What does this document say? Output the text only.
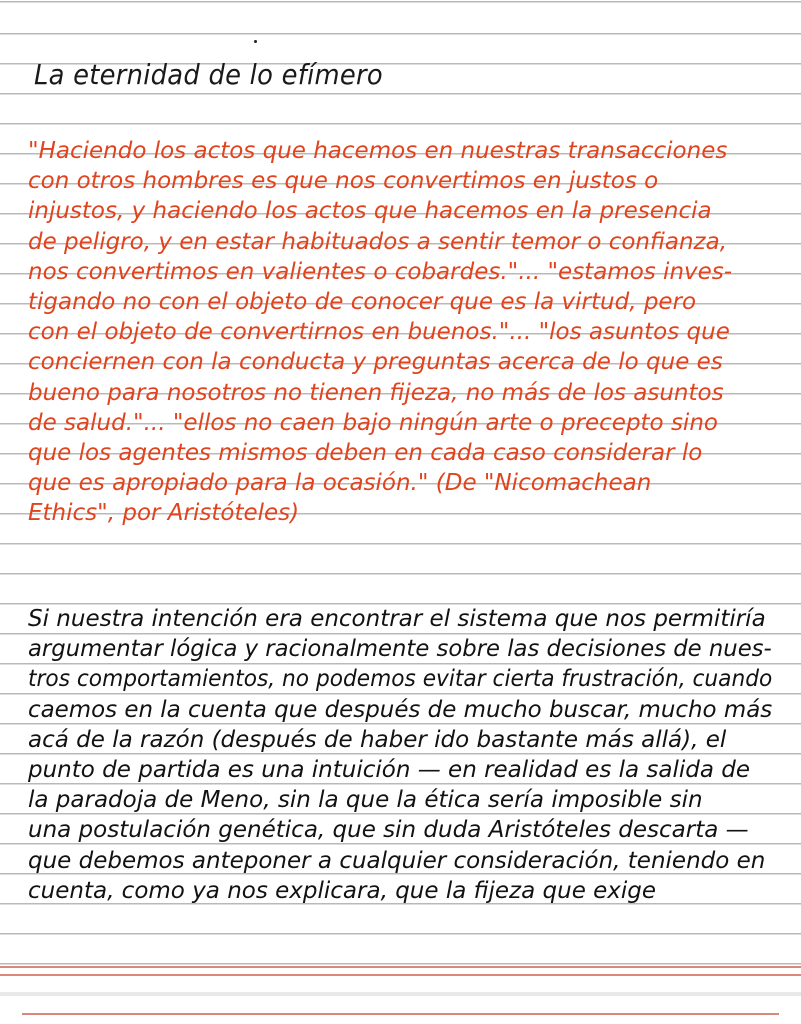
La eternidad de lo efímero
"Haciendo los actos que hacemos en nuestras transacciones
con otros hombres es que nos convertimos en justos o
injustos, y haciendo los actos que hacemos en la presencia
de peligro, y en estar habituados a sentir temor o confianza,
nos convertimos en valientes o cobardes."... "estamos inves-
tigando no con el objeto de conocer que es la virtud, pero
con el objeto de convertirnos en buenos."... "los asuntos que
conciernen con la conducta y preguntas acerca de lo que es
bueno para nosotros no tienen fijeza, no más de los asuntos
de salud."... "ellos no caen bajo ningún arte o precepto sino
que los agentes mismos deben en cada caso considerar lo
que es apropiado para la ocasión." (De "Nicomachean
Ethics", por Aristóteles)
Si nuestra intención era encontrar el sistema que nos permitiría
argumentar lógica y racionalmente sobre las decisiones de nues-
tros comportamientos, no podemos evitar cierta frustración, cuando
caemos en la cuenta que después de mucho buscar, mucho más
acá de la razón (después de haber ido bastante más allá), el
punto de partida es una intuición — en realidad es la salida de
la paradoja de Meno, sin la que la ética sería imposible sin
una postulación genética, que sin duda Aristóteles descarta —
que debemos anteponer a cualquier consideración, teniendo en
cuenta, como ya nos explicara, que la fijeza que exige
